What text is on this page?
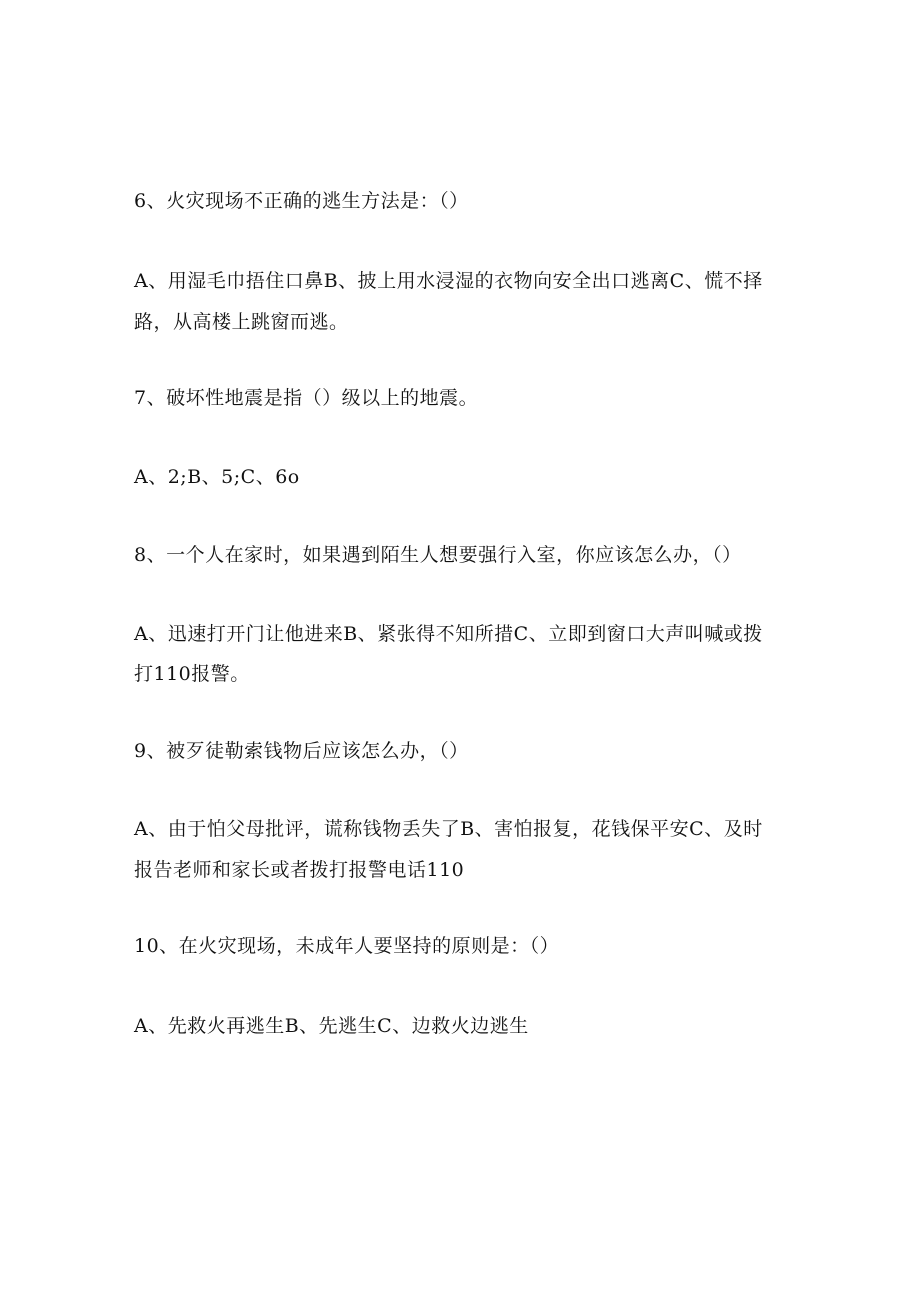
6、火灾现场不正确的逃生方法是：（）
A、用湿毛巾捂住口鼻B、披上用水浸湿的衣物向安全出口逃离C、慌不择
路，从高楼上跳窗而逃。
7、破坏性地震是指（）级以上的地震。
A、2;B、5;C、6o
8、一个人在家时，如果遇到陌生人想要强行入室，你应该怎么办，（）
A、迅速打开门让他进来B、紧张得不知所措C、立即到窗口大声叫喊或拨
打110报警。
9、被歹徒勒索钱物后应该怎么办，（）
A、由于怕父母批评，谎称钱物丢失了B、害怕报复，花钱保平安C、及时
报告老师和家长或者拨打报警电话110
10、在火灾现场，未成年人要坚持的原则是：（）
A、先救火再逃生B、先逃生C、边救火边逃生
